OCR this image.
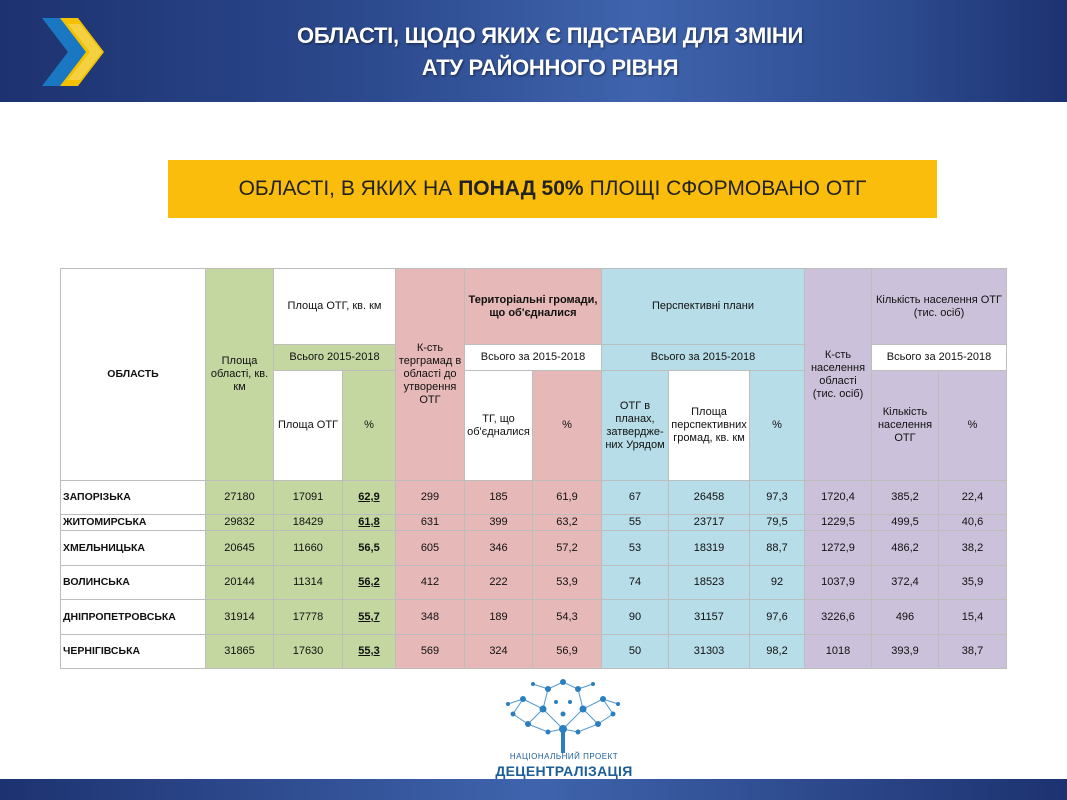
ОБЛАСТІ, ЩОДО ЯКИХ Є ПІДСТАВИ ДЛЯ ЗМІНИ
АТУ РАЙОННОГО РІВНЯ
ОБЛАСТІ, В ЯКИХ НА ПОНАД 50% ПЛОЩІ СФОРМОВАНО ОТГ
ОБЛАСТЬ	Площа області, кв. км	Площа ОТГ, кв. км		К-сть терграмад в області до утворення ОТГ	Територіальні громади, що об'єдналися		Перспективні плани			К-сть населення області (тис. осіб)	Кількість населення ОТГ (тис. осіб)	
		Всього 2015-2018			Всього за 2015-2018		Всього за 2015-2018				Всього за 2015-2018	
		Площа ОТГ	%		ТГ, що об'єдналися	%	ОТГ в планах, затверджених Урядом	Площа перспективних громад, кв. км	%		Кількість населення ОТГ	%
ЗАПОРІЗЬКА	27180	17091	62,9	299	185	61,9	67	26458	97,3	1720,4	385,2	22,4
ЖИТОМИРСЬКА	29832	18429	61,8	631	399	63,2	55	23717	79,5	1229,5	499,5	40,6
ХМЕЛЬНИЦЬКА	20645	11660	56,5	605	346	57,2	53	18319	88,7	1272,9	486,2	38,2
ВОЛИНСЬКА	20144	11314	56,2	412	222	53,9	74	18523	92	1037,9	372,4	35,9
ДНІПРОПЕТРОВСЬКА	31914	17778	55,7	348	189	54,3	90	31157	97,6	3226,6	496	15,4
ЧЕРНІГІВСЬКА	31865	17630	55,3	569	324	56,9	50	31303	98,2	1018	393,9	38,7
НАЦІОНАЛЬНИЙ ПРОЕКТ
ДЕЦЕНТРАЛІЗАЦІЯ
